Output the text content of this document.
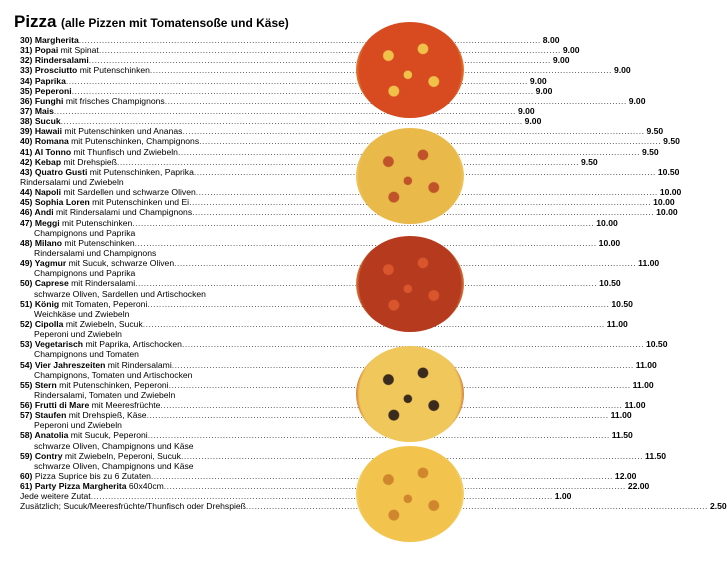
Pizza (alle Pizzen mit Tomatensoße und Käse)
30) Margherita .....	8.00
31) Popai mit Spinat .....	9.00
32) Rindersalami .....	9.00
33) Prosciutto mit Putenschinken .....	9.00
34) Paprika .....	9.00
35) Peperoni .....	9.00
36) Funghi mit frisches Champignons .....	9.00
37) Mais .....	9.00
38) Sucuk .....	9.00
39) Hawaii mit Putenschinken und Ananas .....	9.50
40) Romana mit Putenschinken, Champignons .....	9.50
41) Al Tonno mit Thunfisch und Zwiebeln .....	9.50
42) Kebap mit Drehspieß .....	9.50
43) Quatro Gusti mit Putenschinken, Paprika .....	10.50
Rindersalami und Zwiebeln
44) Napoli mit Sardellen und schwarze Oliven .....	10.00
45) Sophia Loren mit Putenschinken und Ei .....	10.00
46) Andi mit Rindersalami und Champignons .....	10.00
47) Meggi mit Putenschinken .....	10.00
Champignons und Paprika
48) Milano mit Putenschinken .....	10.00
Rindersalami und Champignons
49) Yagmur mit Sucuk, schwarze Oliven .....	11.00
Champignons und Paprika
50) Caprese mit Rindersalami .....	10.50
schwarze Oliven, Sardellen und Artischocken
51) König mit Tomaten, Peperoni .....	10.50
Weichkäse und Zwiebeln
52) Cipolla mit Zwiebeln, Sucuk .....	11.00
Peperoni und Zwiebeln
53) Vegetarisch mit Paprika, Artischocken .....	10.50
Champignons und Tomaten
54) Vier Jahreszeiten mit Rindersalami .....	11.00
Champignons, Tomaten und Artischocken
55) Stern mit Putenschinken, Peperoni .....	11.00
Rindersalami, Tomaten und Zwiebeln
56) Frutti di Mare mit Meeresfrüchte .....	11.00
57) Staufen mit Drehspieß, Käse .....	11.00
Peperoni und Zwiebeln
58) Anatolia mit Sucuk, Peperoni .....	11.50
schwarze Oliven, Champignons und Käse
59) Contry mit Zwiebeln, Peperoni, Sucuk .....	11.50
schwarze Oliven, Champignons und Käse
60) Pizza Suprice bis zu 6 Zutaten .....	12.00
61) Party Pizza Margherita 60x40cm .....	22.00
Jede weitere Zutat .....	1.00
Zusätzlich; Sucuk/Meeresfrüchte/Thunfisch oder Drehspieß .....	2.50
